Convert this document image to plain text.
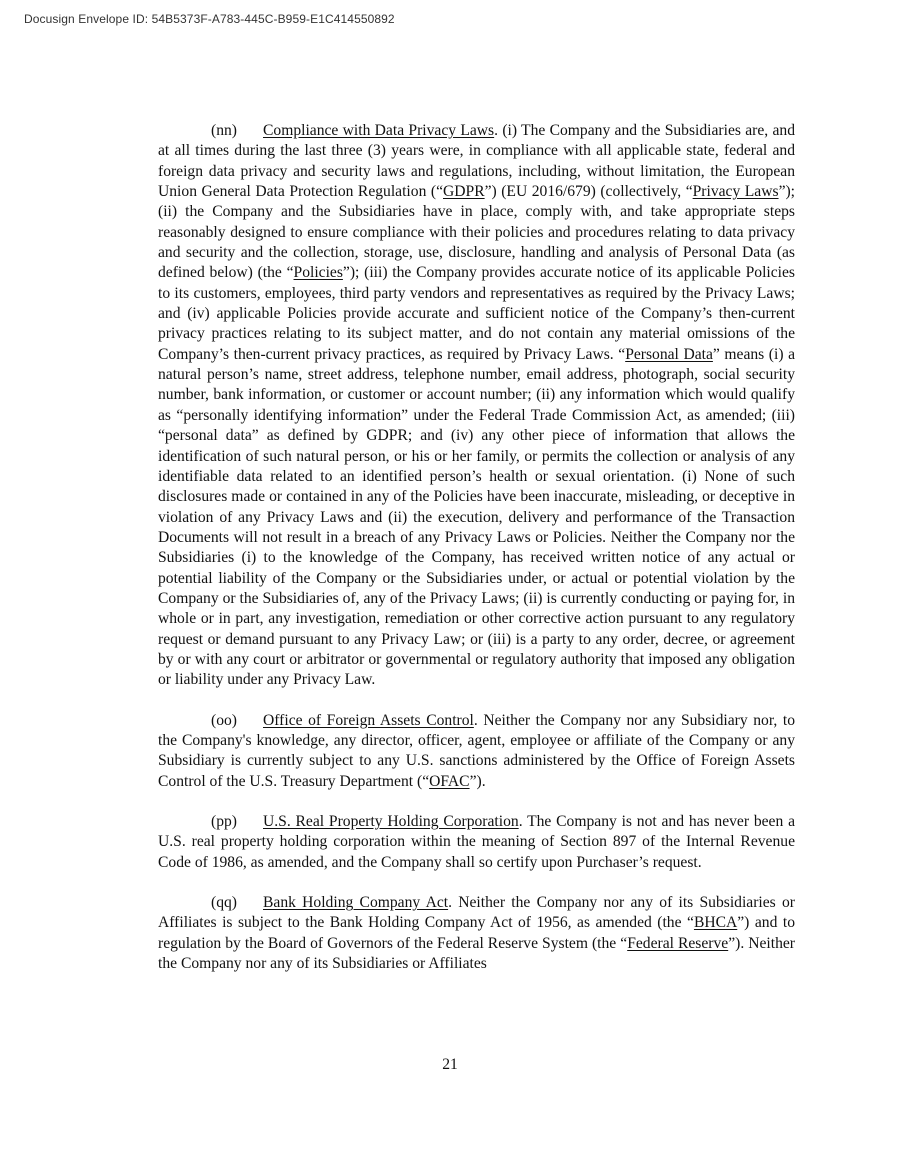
Docusign Envelope ID: 54B5373F-A783-445C-B959-E1C414550892

(nn) Compliance with Data Privacy Laws. (i) The Company and the Subsidiaries are, and at all times during the last three (3) years were, in compliance with all applicable state, federal and foreign data privacy and security laws and regulations, including, without limitation, the European Union General Data Protection Regulation (“GDPR”) (EU 2016/679) (collectively, “Privacy Laws”); (ii) the Company and the Subsidiaries have in place, comply with, and take appropriate steps reasonably designed to ensure compliance with their policies and procedures relating to data privacy and security and the collection, storage, use, disclosure, handling and analysis of Personal Data (as defined below) (the “Policies”); (iii) the Company provides accurate notice of its applicable Policies to its customers, employees, third party vendors and representatives as required by the Privacy Laws; and (iv) applicable Policies provide accurate and sufficient notice of the Company’s then-current privacy practices relating to its subject matter, and do not contain any material omissions of the Company’s then-current privacy practices, as required by Privacy Laws. “Personal Data” means (i) a natural person’s name, street address, telephone number, email address, photograph, social security number, bank information, or customer or account number; (ii) any information which would qualify as “personally identifying information” under the Federal Trade Commission Act, as amended; (iii) “personal data” as defined by GDPR; and (iv) any other piece of information that allows the identification of such natural person, or his or her family, or permits the collection or analysis of any identifiable data related to an identified person’s health or sexual orientation. (i) None of such disclosures made or contained in any of the Policies have been inaccurate, misleading, or deceptive in violation of any Privacy Laws and (ii) the execution, delivery and performance of the Transaction Documents will not result in a breach of any Privacy Laws or Policies. Neither the Company nor the Subsidiaries (i) to the knowledge of the Company, has received written notice of any actual or potential liability of the Company or the Subsidiaries under, or actual or potential violation by the Company or the Subsidiaries of, any of the Privacy Laws; (ii) is currently conducting or paying for, in whole or in part, any investigation, remediation or other corrective action pursuant to any regulatory request or demand pursuant to any Privacy Law; or (iii) is a party to any order, decree, or agreement by or with any court or arbitrator or governmental or regulatory authority that imposed any obligation or liability under any Privacy Law.

(oo) Office of Foreign Assets Control. Neither the Company nor any Subsidiary nor, to the Company's knowledge, any director, officer, agent, employee or affiliate of the Company or any Subsidiary is currently subject to any U.S. sanctions administered by the Office of Foreign Assets Control of the U.S. Treasury Department (“OFAC”).

(pp) U.S. Real Property Holding Corporation. The Company is not and has never been a U.S. real property holding corporation within the meaning of Section 897 of the Internal Revenue Code of 1986, as amended, and the Company shall so certify upon Purchaser’s request.

(qq) Bank Holding Company Act. Neither the Company nor any of its Subsidiaries or Affiliates is subject to the Bank Holding Company Act of 1956, as amended (the “BHCA”) and to regulation by the Board of Governors of the Federal Reserve System (the “Federal Reserve”). Neither the Company nor any of its Subsidiaries or Affiliates

21
